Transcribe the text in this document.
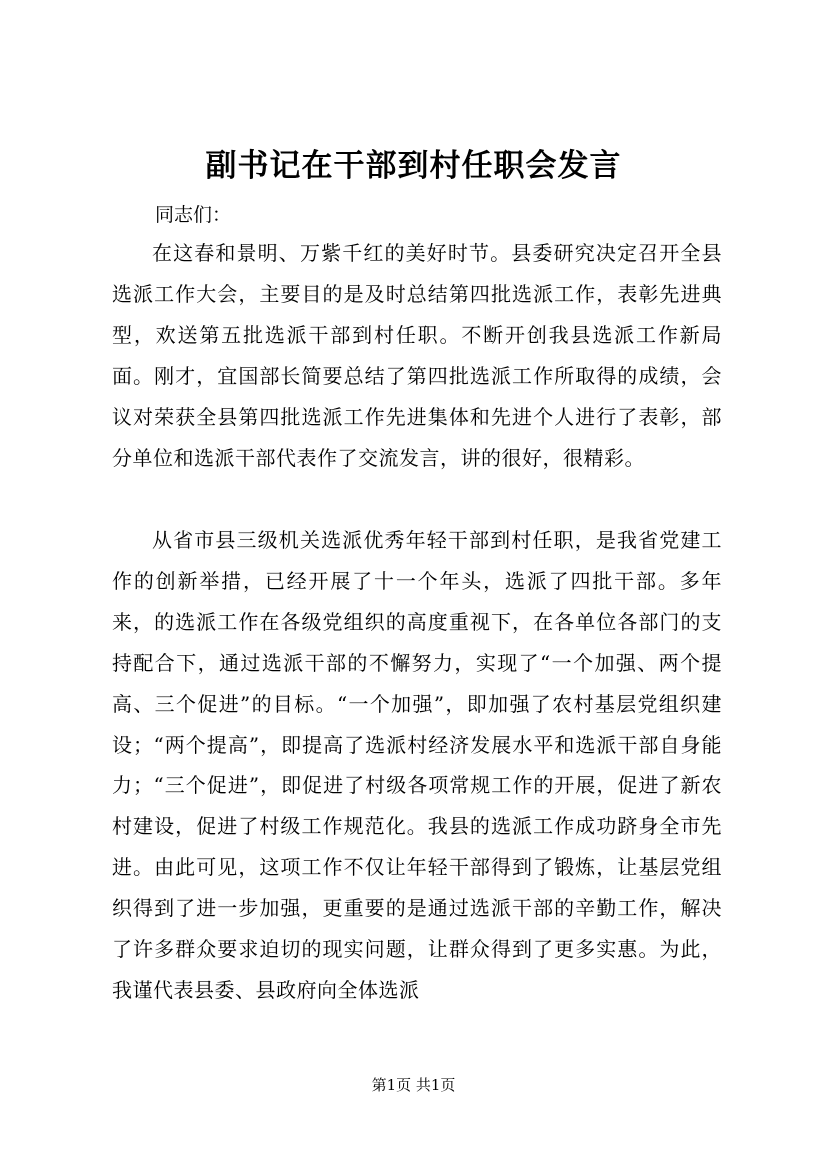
副书记在干部到村任职会发言
同志们：

在这春和景明、万紫千红的美好时节。县委研究决定召开全县选派工作大会，主要目的是及时总结第四批选派工作，表彰先进典型，欢送第五批选派干部到村任职。不断开创我县选派工作新局面。刚才，宜国部长简要总结了第四批选派工作所取得的成绩，会议对荣获全县第四批选派工作先进集体和先进个人进行了表彰，部分单位和选派干部代表作了交流发言，讲的很好，很精彩。

从省市县三级机关选派优秀年轻干部到村任职，是我省党建工作的创新举措，已经开展了十一个年头，选派了四批干部。多年来，的选派工作在各级党组织的高度重视下，在各单位各部门的支持配合下，通过选派干部的不懈努力，实现了“一个加强、两个提高、三个促进”的目标。“一个加强”，即加强了农村基层党组织建设；“两个提高”，即提高了选派村经济发展水平和选派干部自身能力；“三个促进”，即促进了村级各项常规工作的开展，促进了新农村建设，促进了村级工作规范化。我县的选派工作成功跻身全市先进。由此可见，这项工作不仅让年轻干部得到了锻炼，让基层党组织得到了进一步加强，更重要的是通过选派干部的辛勤工作，解决了许多群众要求迫切的现实问题，让群众得到了更多实惠。为此，我谨代表县委、县政府向全体选派

第1页 共1页
